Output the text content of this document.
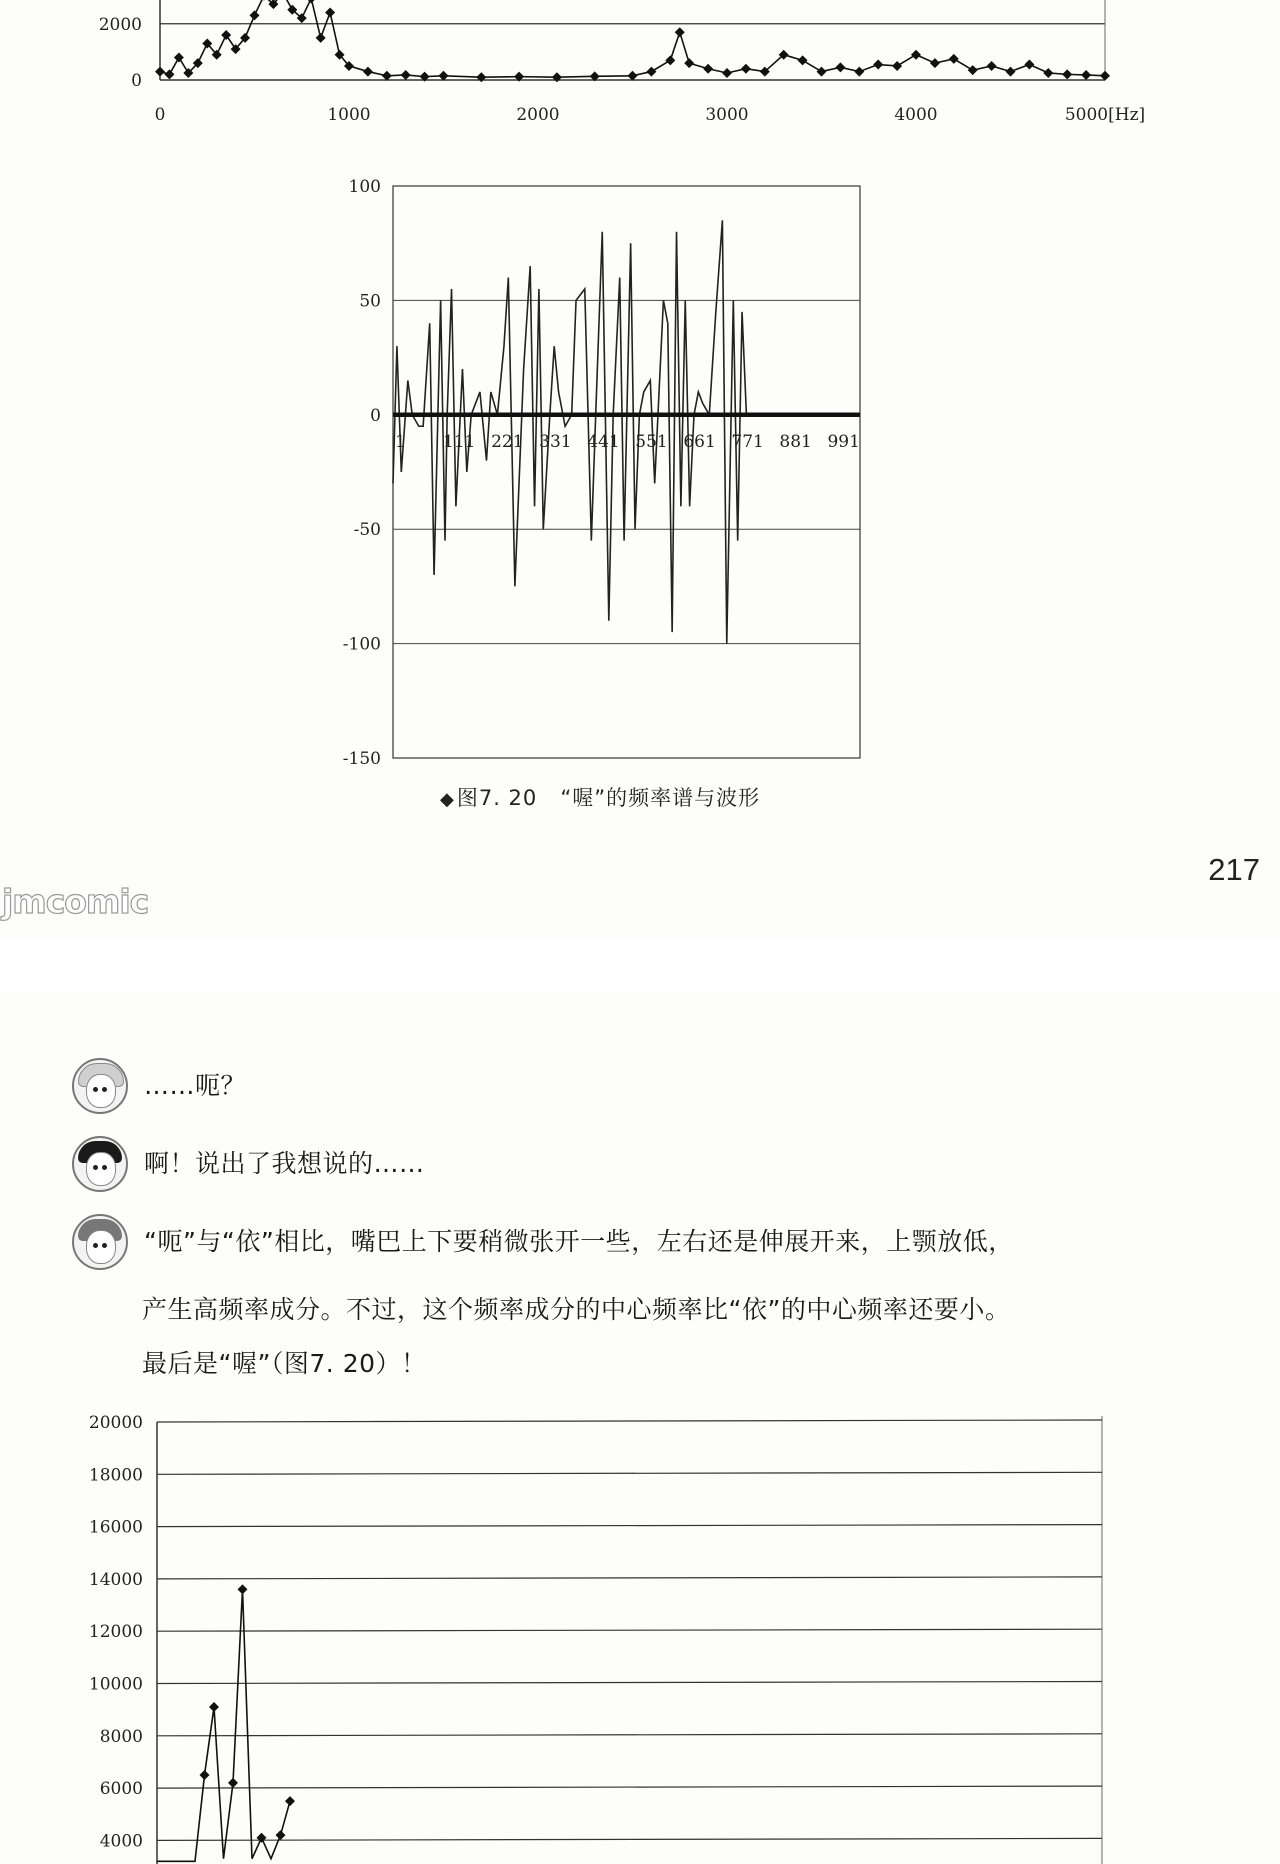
0	1000	2000	3000	4000	5000[Hz]
2000
0
100
50
0
-50
-100
-150
1 111 221 331 441 551 661 771 881 991
◆图7. 20 “喔”的频率谱与波形
217
jmcomic
……呃？
啊！说出了我想说的……
“呃”与“依”相比，嘴巴上下要稍微张开一些，左右还是伸展开来，上颚放低，
产生高频率成分。不过，这个频率成分的中心频率比“依”的中心频率还要小。
最后是“喔”（图7. 20）！
20000
18000
16000
14000
12000
10000
8000
6000
4000
